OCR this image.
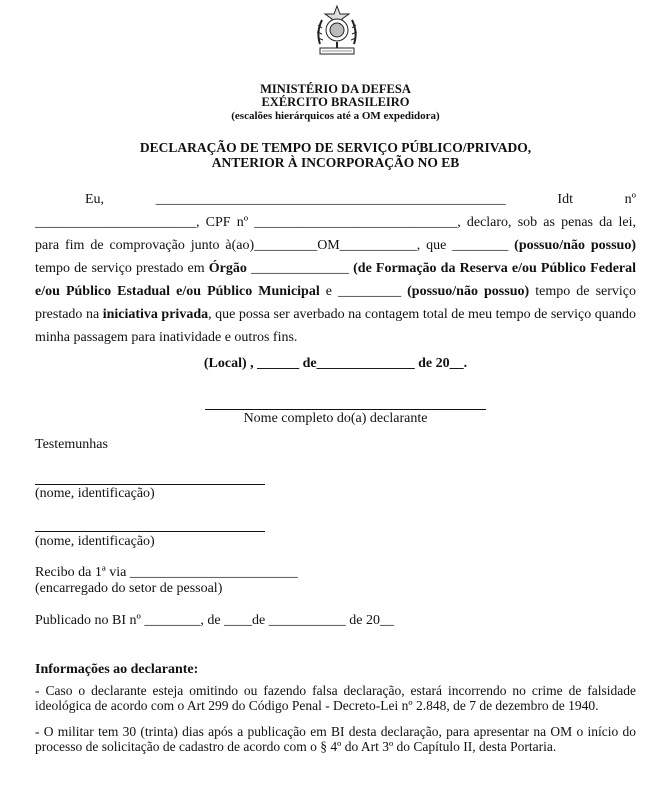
MINISTÉRIO DA DEFESA
EXÉRCITO BRASILEIRO
(escalões hierárquicos até a OM expedidora)
DECLARAÇÃO DE TEMPO DE SERVIÇO PÚBLICO/PRIVADO,
ANTERIOR À INCORPORAÇÃO NO EB

Eu, __________________________________________________ Idt nº _______________________, CPF nº _____________________________, declaro, sob as penas da lei, para fim de comprovação junto à(ao)_________OM___________, que ________ (possuo/não possuo) tempo de serviço prestado em Órgão ______________ (de Formação da Reserva e/ou Público Federal e/ou Público Estadual e/ou Público Municipal e _________ (possuo/não possuo) tempo de serviço prestado na iniciativa privada, que possa ser averbado na contagem total de meu tempo de serviço quando minha passagem para inatividade e outros fins.

(Local) , ______ de______________ de 20__.
Nome completo do(a) declarante
Testemunhas
(nome, identificação)
(nome, identificação)
Recibo da 1ª via ________________________
(encarregado do setor de pessoal)
Publicado no BI nº ________, de ____de ___________ de 20__
Informações ao declarante:
- Caso o declarante esteja omitindo ou fazendo falsa declaração, estará incorrendo no crime de falsidade ideológica de acordo com o Art 299 do Código Penal - Decreto-Lei nº 2.848, de 7 de dezembro de 1940.
- O militar tem 30 (trinta) dias após a publicação em BI desta declaração, para apresentar na OM o início do processo de solicitação de cadastro de acordo com o § 4º do Art 3º do Capítulo II, desta Portaria.
